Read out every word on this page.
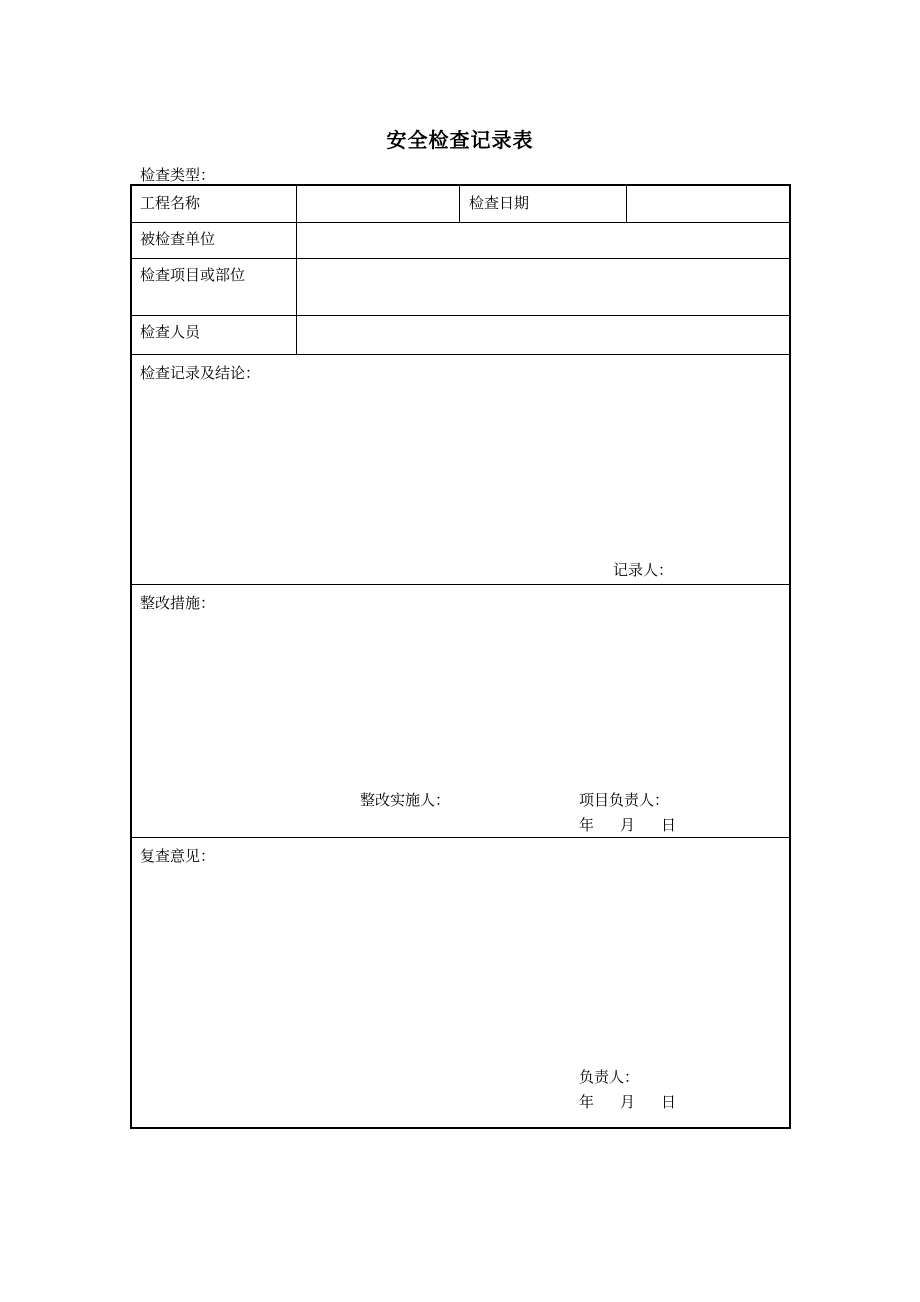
安全检查记录表
检查类型：
工程名称	检查日期
被检查单位
检查项目或部位
检查人员
检查记录及结论：
记录人：
整改措施：
整改实施人：	项目负责人：
年 月 日
复查意见：
负责人：
年 月 日
